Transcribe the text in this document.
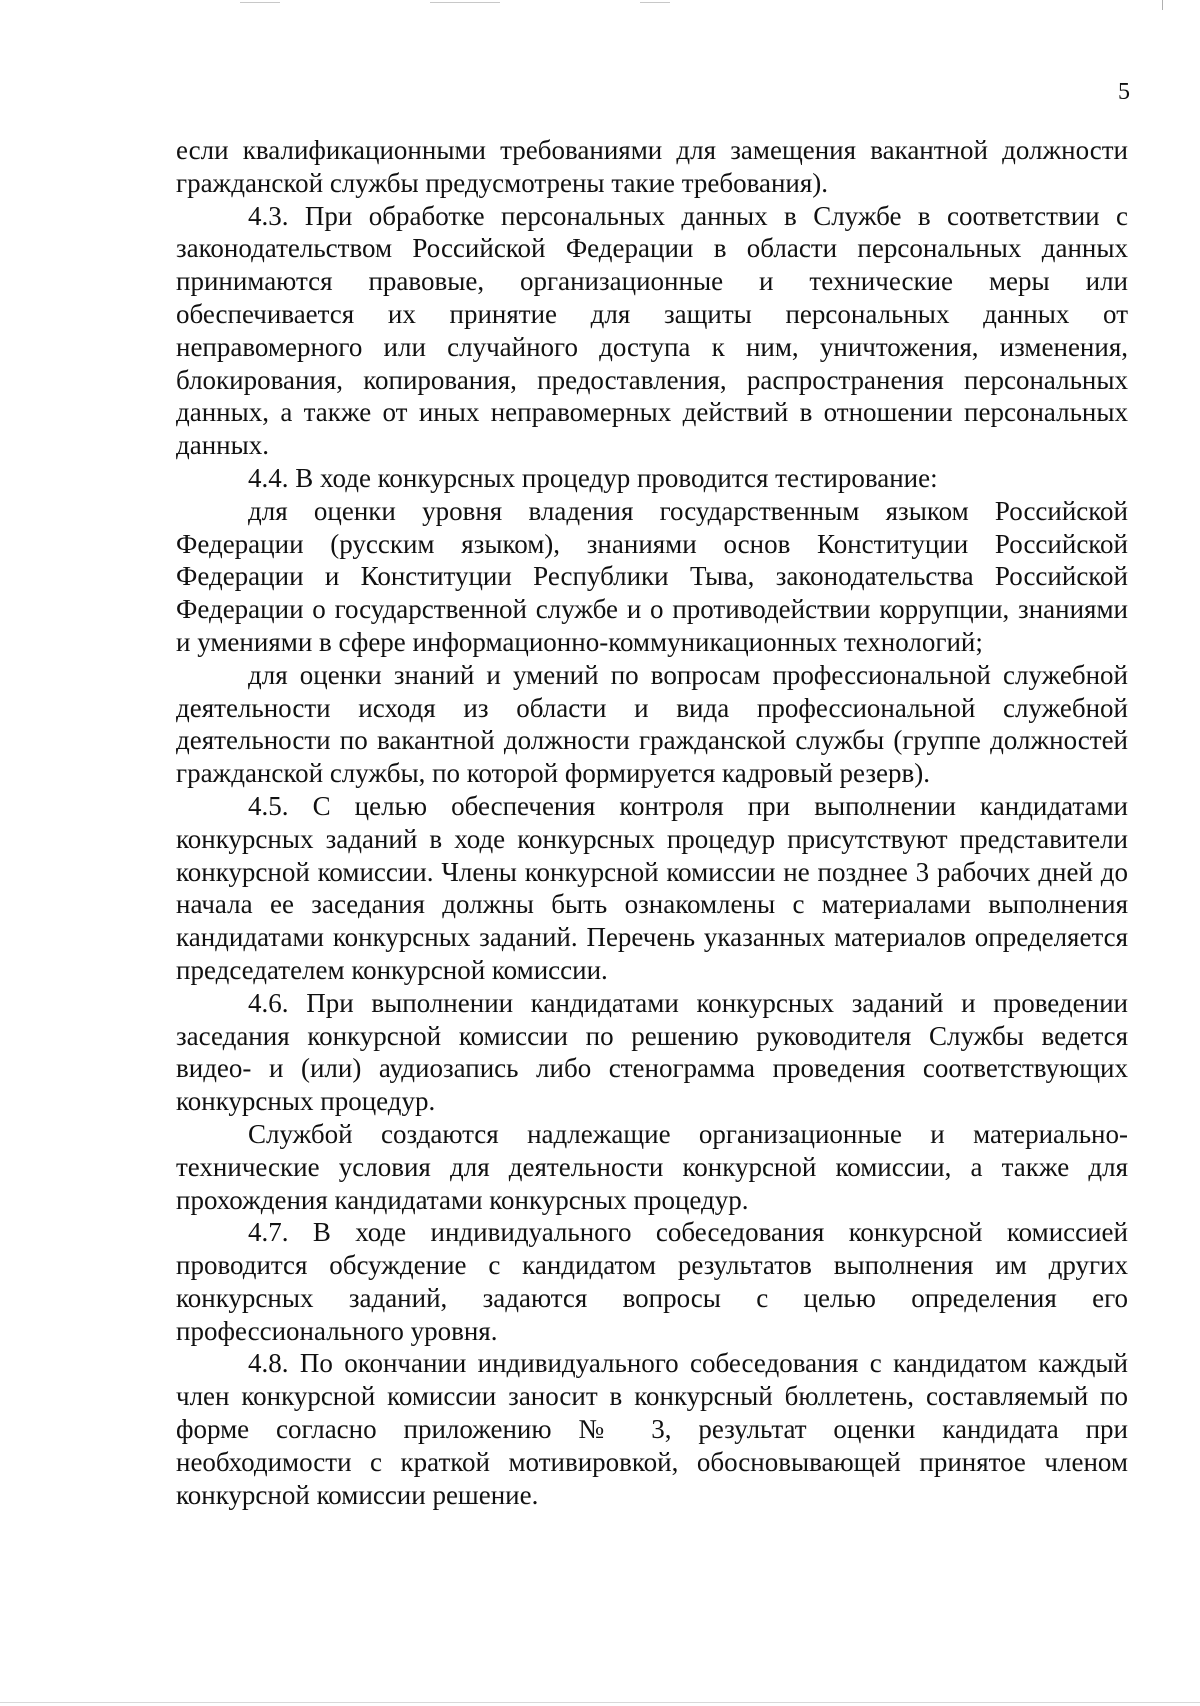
5

если квалификационными требованиями для замещения вакантной должности гражданской службы предусмотрены такие требования).

4.3. При обработке персональных данных в Службе в соответствии с законодательством Российской Федерации в области персональных данных принимаются правовые, организационные и технические меры или обеспечивается их принятие для защиты персональных данных от неправомерного или случайного доступа к ним, уничтожения, изменения, блокирования, копирования, предоставления, распространения персональных данных, а также от иных неправомерных действий в отношении персональных данных.

4.4. В ходе конкурсных процедур проводится тестирование:

для оценки уровня владения государственным языком Российской Федерации (русским языком), знаниями основ Конституции Российской Федерации и Конституции Республики Тыва, законодательства Российской Федерации о государственной службе и о противодействии коррупции, знаниями и умениями в сфере информационно-коммуникационных технологий;

для оценки знаний и умений по вопросам профессиональной служебной деятельности исходя из области и вида профессиональной служебной деятельности по вакантной должности гражданской службы (группе должностей гражданской службы, по которой формируется кадровый резерв).

4.5. С целью обеспечения контроля при выполнении кандидатами конкурсных заданий в ходе конкурсных процедур присутствуют представители конкурсной комиссии. Члены конкурсной комиссии не позднее 3 рабочих дней до начала ее заседания должны быть ознакомлены с материалами выполнения кандидатами конкурсных заданий. Перечень указанных материалов определяется председателем конкурсной комиссии.

4.6. При выполнении кандидатами конкурсных заданий и проведении заседания конкурсной комиссии по решению руководителя Службы ведется видео- и (или) аудиозапись либо стенограмма проведения соответствующих конкурсных процедур.

Службой создаются надлежащие организационные и материально-технические условия для деятельности конкурсной комиссии, а также для прохождения кандидатами конкурсных процедур.

4.7. В ходе индивидуального собеседования конкурсной комиссией проводится обсуждение с кандидатом результатов выполнения им других конкурсных заданий, задаются вопросы с целью определения его профессионального уровня.

4.8. По окончании индивидуального собеседования с кандидатом каждый член конкурсной комиссии заносит в конкурсный бюллетень, составляемый по форме согласно приложению № 3, результат оценки кандидата при необходимости с краткой мотивировкой, обосновывающей принятое членом конкурсной комиссии решение.
